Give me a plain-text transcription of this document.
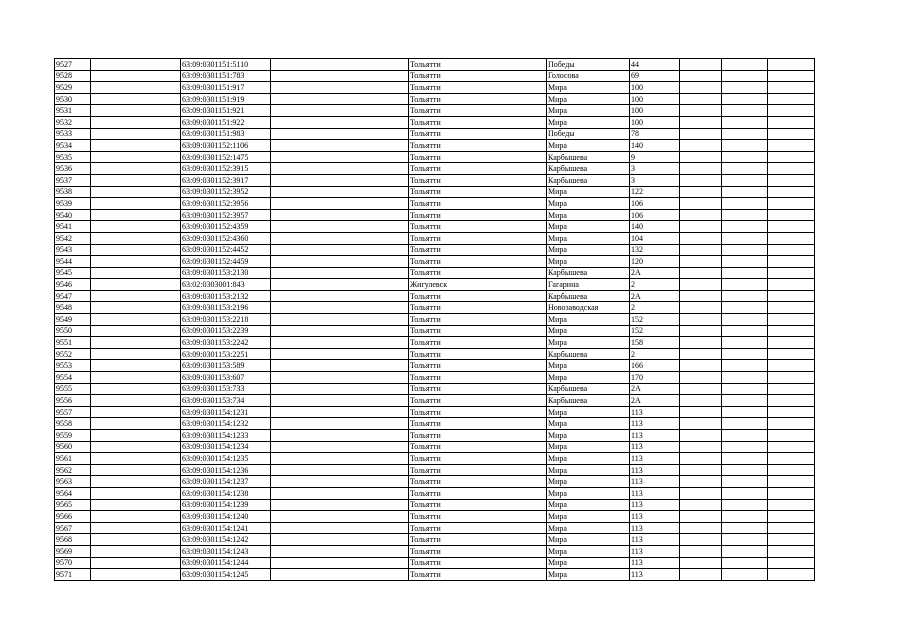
9527		63:09:0301151:5110		Тольятти	Победы	44			
9528		63:09:0301151:783		Тольятти	Голосова	69			
9529		63:09:0301151:917		Тольятти	Мира	100			
9530		63:09:0301151:919		Тольятти	Мира	100			
9531		63:09:0301151:921		Тольятти	Мира	100			
9532		63:09:0301151:922		Тольятти	Мира	100			
9533		63:09:0301151:983		Тольятти	Победы	78			
9534		63:09:0301152:1106		Тольятти	Мира	140			
9535		63:09:0301152:1475		Тольятти	Карбышева	9			
9536		63:09:0301152:3915		Тольятти	Карбышева	3			
9537		63:09:0301152:3917		Тольятти	Карбышева	3			
9538		63:09:0301152:3952		Тольятти	Мира	122			
9539		63:09:0301152:3956		Тольятти	Мира	106			
9540		63:09:0301152:3957		Тольятти	Мира	106			
9541		63:09:0301152:4359		Тольятти	Мира	140			
9542		63:09:0301152:4360		Тольятти	Мира	104			
9543		63:09:0301152:4452		Тольятти	Мира	132			
9544		63:09:0301152:4459		Тольятти	Мира	120			
9545		63:09:0301153:2130		Тольятти	Карбышева	2А			
9546		63:02:0303001:843		Жигулевск	Гагарина	2			
9547		63:09:0301153:2132		Тольятти	Карбышева	2А			
9548		63:09:0301153:2196		Тольятти	Новозаводская	2			
9549		63:09:0301153:2218		Тольятти	Мира	152			
9550		63:09:0301153:2239		Тольятти	Мира	152			
9551		63:09:0301153:2242		Тольятти	Мира	158			
9552		63:09:0301153:2251		Тольятти	Карбышева	2			
9553		63:09:0301153:589		Тольятти	Мира	166			
9554		63:09:0301153:607		Тольятти	Мира	170			
9555		63:09:0301153:733		Тольятти	Карбышева	2А			
9556		63:09:0301153:734		Тольятти	Карбышева	2А			
9557		63:09:0301154:1231		Тольятти	Мира	113			
9558		63:09:0301154:1232		Тольятти	Мира	113			
9559		63:09:0301154:1233		Тольятти	Мира	113			
9560		63:09:0301154:1234		Тольятти	Мира	113			
9561		63:09:0301154:1235		Тольятти	Мира	113			
9562		63:09:0301154:1236		Тольятти	Мира	113			
9563		63:09:0301154:1237		Тольятти	Мира	113			
9564		63:09:0301154:1238		Тольятти	Мира	113			
9565		63:09:0301154:1239		Тольятти	Мира	113			
9566		63:09:0301154:1240		Тольятти	Мира	113			
9567		63:09:0301154:1241		Тольятти	Мира	113			
9568		63:09:0301154:1242		Тольятти	Мира	113			
9569		63:09:0301154:1243		Тольятти	Мира	113			
9570		63:09:0301154:1244		Тольятти	Мира	113			
9571		63:09:0301154:1245		Тольятти	Мира	113			
